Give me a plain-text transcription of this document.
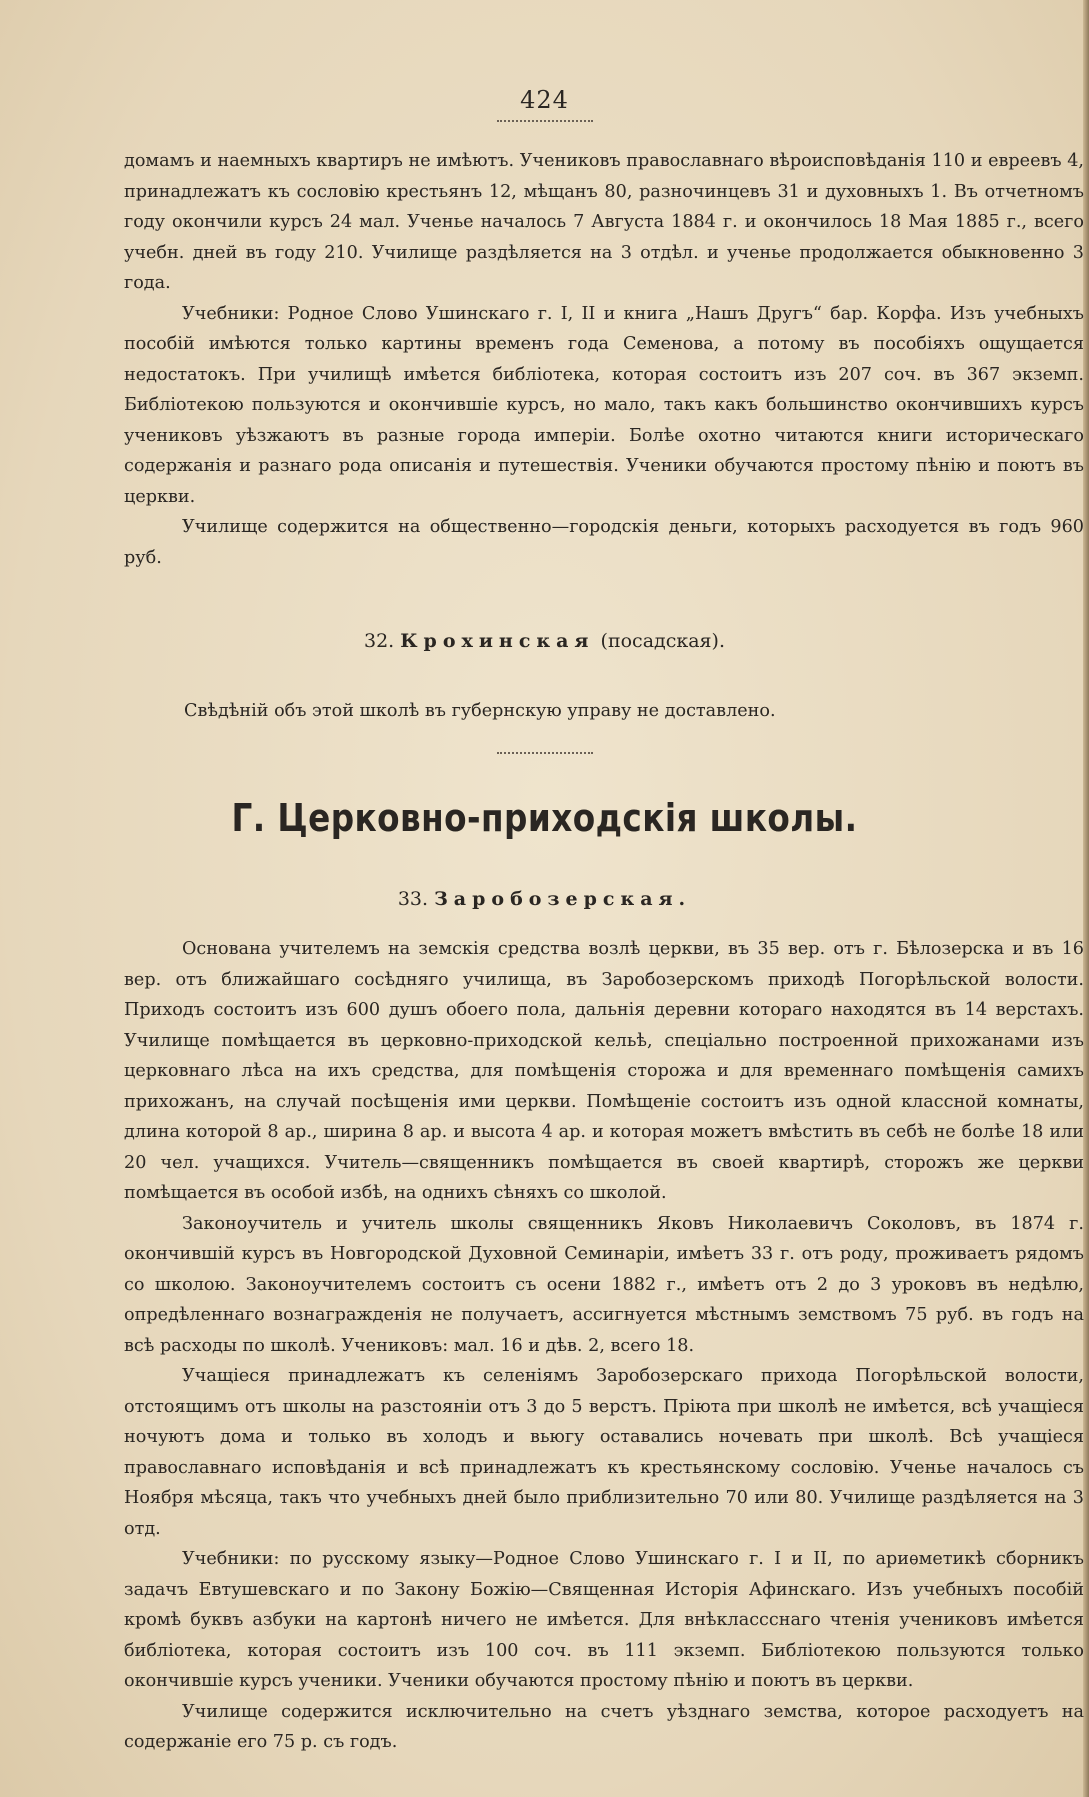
424

домамъ и наемныхъ квартиръ не имѣютъ. Учениковъ православнаго вѣроисповѣданія 110 и евреевъ 4, принадлежатъ къ сословію крестьянъ 12, мѣщанъ 80, разночинцевъ 31 и духовныхъ 1. Въ отчетномъ году окончили курсъ 24 мал. Ученье началось 7 Августа 1884 г. и окончилось 18 Мая 1885 г., всего учебн. дней въ году 210. Училище раздѣляется на 3 отдѣл. и ученье продолжается обыкновенно 3 года.

Учебники: Родное Слово Ушинскаго г. I, II и книга „Нашъ Другъ“ бар. Корфа. Изъ учебныхъ пособій имѣются только картины временъ года Семенова, а потому въ пособіяхъ ощущается недостатокъ. При училищѣ имѣется библіотека, которая состоитъ изъ 207 соч. въ 367 экземп. Библіотекою пользуются и окончившіе курсъ, но мало, такъ какъ большинство окончившихъ курсъ учениковъ уѣзжаютъ въ разные города имперіи. Болѣе охотно читаются книги историческаго содержанія и разнаго рода описанія и путешествія. Ученики обучаются простому пѣнію и поютъ въ церкви.

Училище содержится на общественно—городскія деньги, которыхъ расходуется въ годъ 960 руб.

32. Крохинская (посадская).

Свѣдѣній объ этой школѣ въ губернскую управу не доставлено.

Г. Церковно-приходскія школы.
33. Заробозерская.

Основана учителемъ на земскія средства возлѣ церкви, въ 35 вер. отъ г. Бѣлозерска и въ 16 вер. отъ ближайшаго сосѣдняго училища, въ Заробозерскомъ приходѣ Погорѣльской волости. Приходъ состоитъ изъ 600 душъ обоего пола, дальнія деревни котораго находятся въ 14 верстахъ. Училище помѣщается въ церковно-приходской кельѣ, спеціально построенной прихожанами изъ церковнаго лѣса на ихъ средства, для помѣщенія сторожа и для временнаго помѣщенія самихъ прихожанъ, на случай посѣщенія ими церкви. Помѣщеніе состоитъ изъ одной классной комнаты, длина которой 8 ар., ширина 8 ар. и высота 4 ар. и которая можетъ вмѣстить въ себѣ не болѣе 18 или 20 чел. учащихся. Учитель—священникъ помѣщается въ своей квартирѣ, сторожъ же церкви помѣщается въ особой избѣ, на однихъ сѣняхъ со школой.

Законоучитель и учитель школы священникъ Яковъ Николаевичъ Соколовъ, въ 1874 г. окончившій курсъ въ Новгородской Духовной Семинаріи, имѣетъ 33 г. отъ роду, проживаетъ рядомъ со школою. Законоучителемъ состоитъ съ осени 1882 г., имѣетъ отъ 2 до 3 уроковъ въ недѣлю, опредѣленнаго вознагражденія не получаетъ, ассигнуется мѣстнымъ земствомъ 75 руб. въ годъ на всѣ расходы по школѣ. Учениковъ: мал. 16 и дѣв. 2, всего 18.

Учащіеся принадлежатъ къ селеніямъ Заробозерскаго прихода Погорѣльской волости, отстоящимъ отъ школы на разстояніи отъ 3 до 5 верстъ. Пріюта при школѣ не имѣется, всѣ учащіеся ночуютъ дома и только въ холодъ и вьюгу оставались ночевать при школѣ. Всѣ учащіеся православнаго исповѣданія и всѣ принадлежатъ къ крестьянскому сословію. Ученье началось съ Ноября мѣсяца, такъ что учебныхъ дней было приблизительно 70 или 80. Училище раздѣляется на 3 отд.

Учебники: по русскому языку—Родное Слово Ушинскаго г. I и II, по ариѳметикѣ сборникъ задачъ Евтушевскаго и по Закону Божію—Священная Исторія Афинскаго. Изъ учебныхъ пособій кромѣ буквъ азбуки на картонѣ ничего не имѣется. Для внѣклассснаго чтенія учениковъ имѣется библіотека, которая состоитъ изъ 100 соч. въ 111 экземп. Библіотекою пользуются только окончившіе курсъ ученики. Ученики обучаются простому пѣнію и поютъ въ церкви.

Училище содержится исключительно на счетъ уѣзднаго земства, которое расходуетъ на содержаніе его 75 р. съ годъ.
